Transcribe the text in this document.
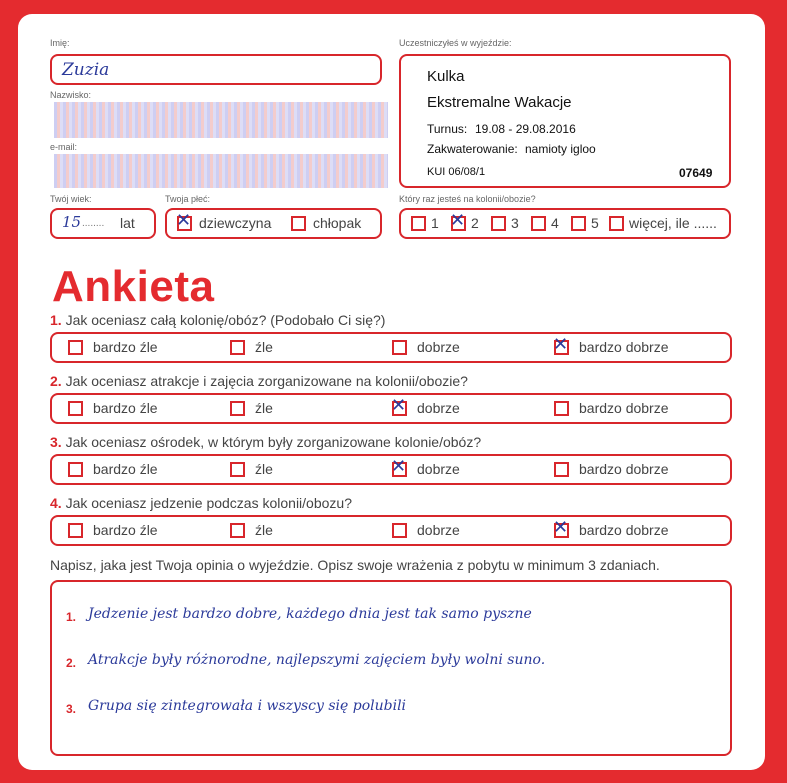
Imię:
Zuzia
Nazwisko:
e-mail:
Uczestniczyłeś w wyjeździe:
Kulka
Ekstremalne Wakacje
Turnus: 19.08 - 29.08.2016
Zakwaterowanie: namioty igloo
KUI 06/08/1	07649
Twój wiek:
15 ........ lat
Twoja płeć:
✕ dziewczyna	chłopak
Który raz jesteś na kolonii/obozie?
1 ✕ 2 3 4 5 więcej, ile ......
Ankieta
1. Jak oceniasz całą kolonię/obóz? (Podobało Ci się?)
bardzo źle	źle	dobrze	✕ bardzo dobrze
2. Jak oceniasz atrakcje i zajęcia zorganizowane na kolonii/obozie?
bardzo źle	źle	✕ dobrze	bardzo dobrze
3. Jak oceniasz ośrodek, w którym były zorganizowane kolonie/obóz?
bardzo źle	źle	✕ dobrze	bardzo dobrze
4. Jak oceniasz jedzenie podczas kolonii/obozu?
bardzo źle	źle	dobrze	✕ bardzo dobrze
Napisz, jaka jest Twoja opinia o wyjeździe. Opisz swoje wrażenia z pobytu w minimum 3 zdaniach.
1. Jedzenie jest bardzo dobre, każdego dnia jest tak samo pyszne
2. Atrakcje były różnorodne, najlepszymi zajęciem były wolni suno.
3. Grupa się zintegrowała i wszyscy się polubili
